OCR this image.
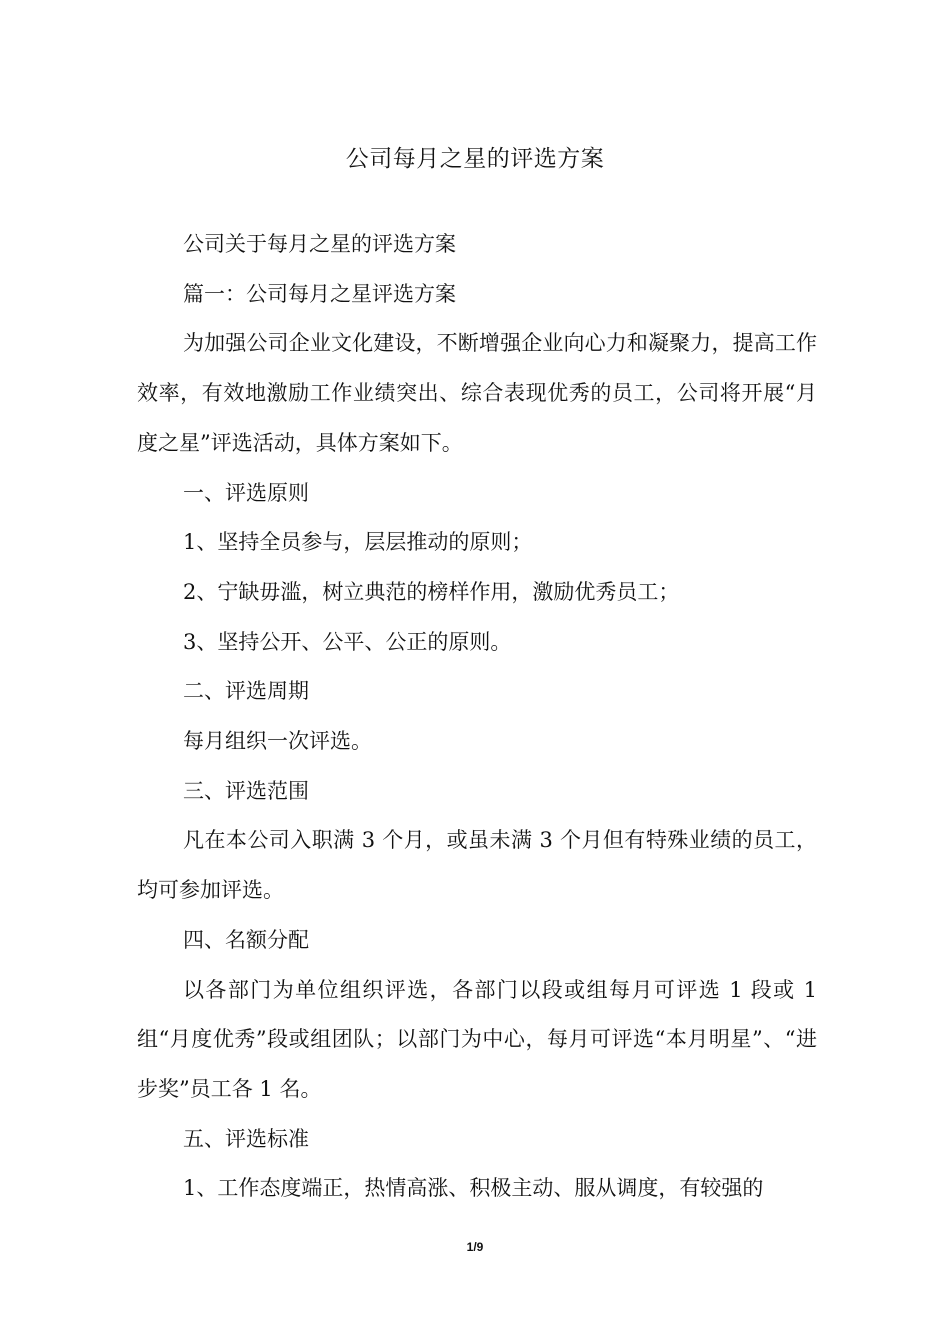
公司每月之星的评选方案

公司关于每月之星的评选方案

篇一：公司每月之星评选方案

为加强公司企业文化建设，不断增强企业向心力和凝聚力，提高工作效率，有效地激励工作业绩突出、综合表现优秀的员工，公司将开展“月度之星”评选活动，具体方案如下。

一、评选原则

1、坚持全员参与，层层推动的原则；

2、宁缺毋滥，树立典范的榜样作用，激励优秀员工；

3、坚持公开、公平、公正的原则。

二、评选周期

每月组织一次评选。

三、评选范围

凡在本公司入职满 3 个月，或虽未满 3 个月但有特殊业绩的员工，均可参加评选。

四、名额分配

以各部门为单位组织评选，各部门以段或组每月可评选 1 段或 1 组“月度优秀”段或组团队；以部门为中心，每月可评选“本月明星”、“进步奖”员工各 1 名。

五、评选标准

1、工作态度端正，热情高涨、积极主动、服从调度，有较强的

1/9
